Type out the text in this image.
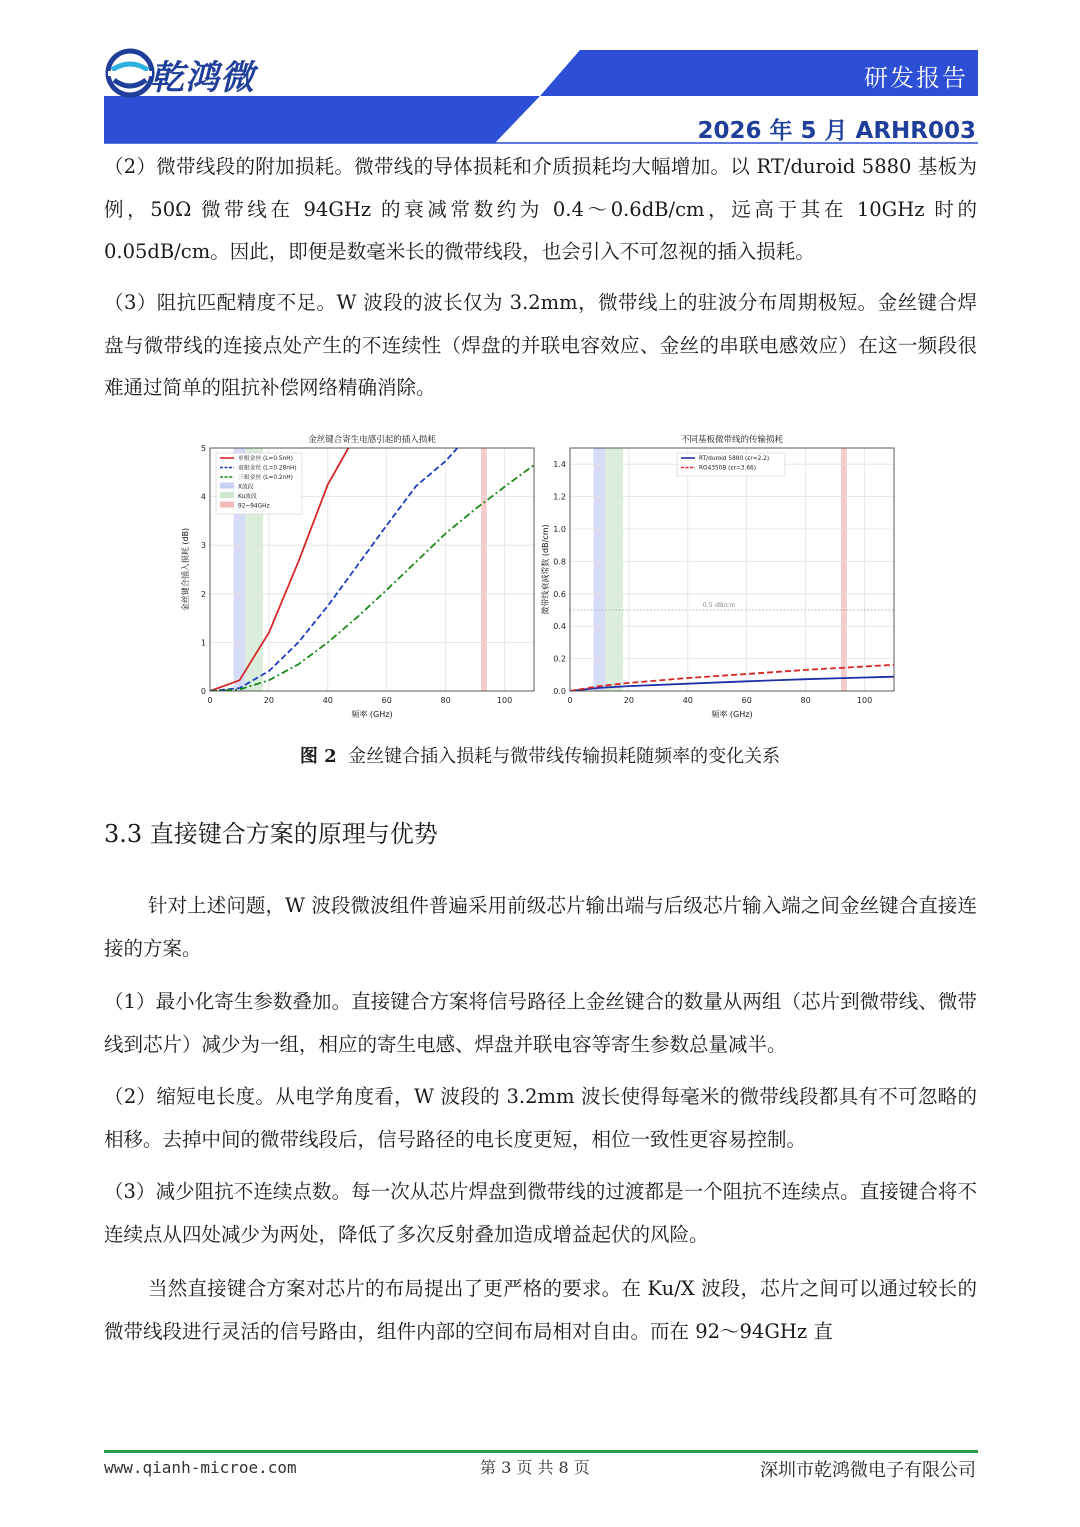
乾鸿微	研发报告
2026 年 5 月 ARHR003

（2）微带线段的附加损耗。微带线的导体损耗和介质损耗均大幅增加。以 RT/duroid 5880 基板为例，50Ω 微带线在 94GHz 的衰减常数约为 0.4～0.6dB/cm，远高于其在 10GHz 时的 0.05dB/cm。因此，即便是数毫米长的微带线段，也会引入不可忽视的插入损耗。

（3）阻抗匹配精度不足。W 波段的波长仅为 3.2mm，微带线上的驻波分布周期极短。金丝键合焊盘与微带线的连接点处产生的不连续性（焊盘的并联电容效应、金丝的串联电感效应）在这一频段很难通过简单的阻抗补偿网络精确消除。

0	20	40	60	80	100
0
1
2
3
4
5
金丝键合寄生电感引起的插入损耗
频率 (GHz)
金丝键合插入损耗 (dB)
单根金丝 (L=0.5nH)
双根金丝 (L=0.28nH)
三根金丝 (L=0.2nH)
X波段
Ku波段
92~94GHz
0	20	40	60	80	100
0.0
0.2
0.4
0.6
0.8
1.0
1.2
1.4
0.5 dB/cm
不同基板微带线的传输损耗
频率 (GHz)
微带线衰减常数 (dB/cm)
RT/duroid 5880 (εr=2.2)
RO4350B (εr=3.66)
图 2 金丝键合插入损耗与微带线传输损耗随频率的变化关系
3.3 直接键合方案的原理与优势

针对上述问题，W 波段微波组件普遍采用前级芯片输出端与后级芯片输入端之间金丝键合直接连接的方案。

（1）最小化寄生参数叠加。直接键合方案将信号路径上金丝键合的数量从两组（芯片到微带线、微带线到芯片）减少为一组，相应的寄生电感、焊盘并联电容等寄生参数总量减半。

（2）缩短电长度。从电学角度看，W 波段的 3.2mm 波长使得每毫米的微带线段都具有不可忽略的相移。去掉中间的微带线段后，信号路径的电长度更短，相位一致性更容易控制。

（3）减少阻抗不连续点数。每一次从芯片焊盘到微带线的过渡都是一个阻抗不连续点。直接键合将不连续点从四处减少为两处，降低了多次反射叠加造成增益起伏的风险。

当然直接键合方案对芯片的布局提出了更严格的要求。在 Ku/X 波段，芯片之间可以通过较长的微带线段进行灵活的信号路由，组件内部的空间布局相对自由。而在 92～94GHz 直

www.qianh-microe.com	第 3 页 共 8 页	深圳市乾鸿微电子有限公司
